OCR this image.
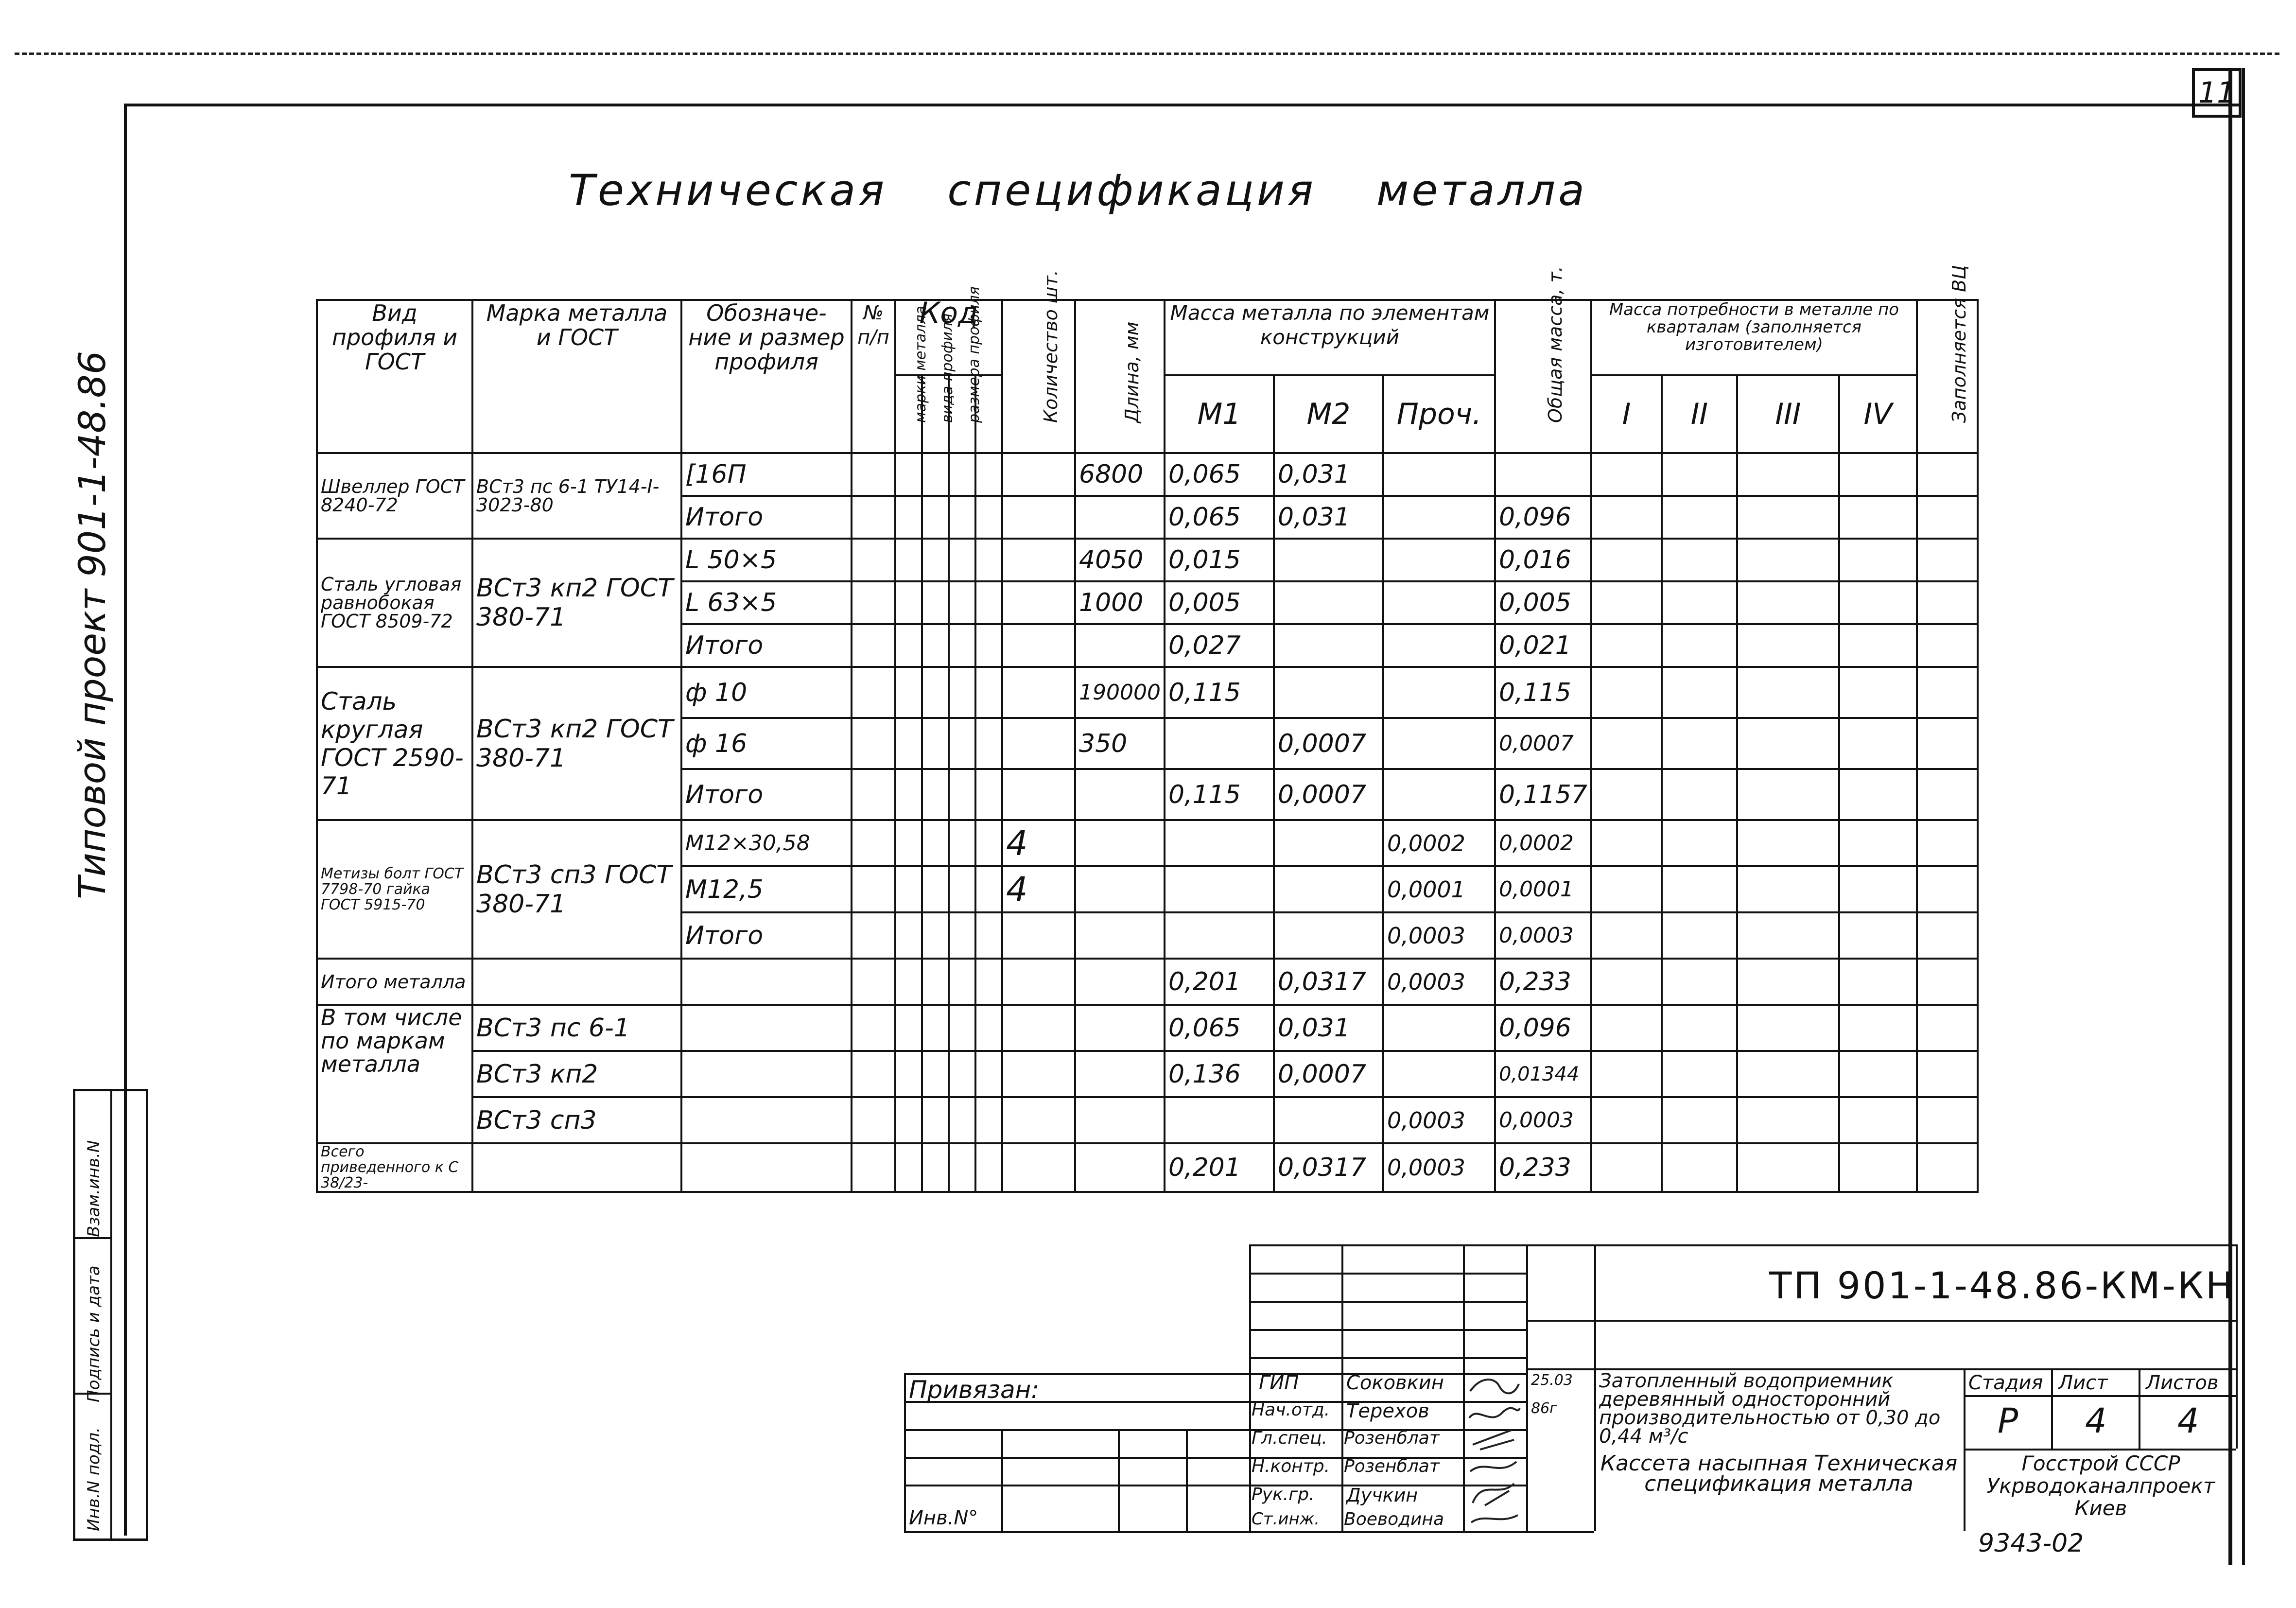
11
Типовой проект 901-1-48.86
Взам.инв.N
Подпись и дата
Инв.N подл.
Техническая спецификация металла
Вид профиля и ГОСТ	Марка металла и ГОСТ	Обозначе- ние и размер профиля	№ п/п	Код				Количество шт.	Длина, мм	Масса металла по элементам конструкций			Общая масса, т.	Масса потребности в металле по кварталам (заполняется изготовителем)				Заполняется ВЦ

				марки металла	вида профиля	размера профиля				М1	М2	Проч.		I	II	III	IV	
Швеллер ГОСТ 8240-72	ВСт3 пс 6-1 ТУ14-I-3023-80	[16П							6800	0,065	0,031							
		Итого								0,065	0,031		0,096					
Сталь угловая равнобокая ГОСТ 8509-72	ВСт3 кп2 ГОСТ 380-71	L 50×5							4050	0,015			0,016					
		L 63×5							1000	0,005			0,005					
		Итого								0,027			0,021					
Сталь круглая ГОСТ 2590-71	ВСт3 кп2 ГОСТ 380-71	ф 10							190000	0,115			0,115					
		ф 16							350		0,0007		0,0007					
		Итого								0,115	0,0007		0,1157					
Метизы болт ГОСТ 7798-70 гайка ГОСТ 5915-70	ВСт3 сп3 ГОСТ 380-71	М12×30,58						4				0,0002	0,0002					
		М12,5						4				0,0001	0,0001					
		Итого										0,0003	0,0003					
Итого металла										0,201	0,0317	0,0003	0,233					
В том числе по маркам металла	ВСт3 пс 6-1									0,065	0,031		0,096					
	ВСт3 кп2									0,136	0,0007		0,01344					
	ВСт3 сп3											0,0003	0,0003					
Всего приведенного к С 38/23-										0,201	0,0317	0,0003	0,233					
ТП 901-1-48.86-КМ-КН
Привязан:
Инв.N°
ГИП Соковкин
Нач.отд. Терехов
Гл.спец. Розенблат
Н.контр. Розенблат
Рук.гр. Дучкин
Ст.инж. Воеводина
25.03
86г
Затопленный водоприемник деревянный односторонний производительностью от 0,30 до 0,44 м³/с
Кассета насыпная Техническая спецификация металла
Стадия Лист Листов
Р 4 4
Госстрой СССР Укрводоканалпроект Киев
9343-02
